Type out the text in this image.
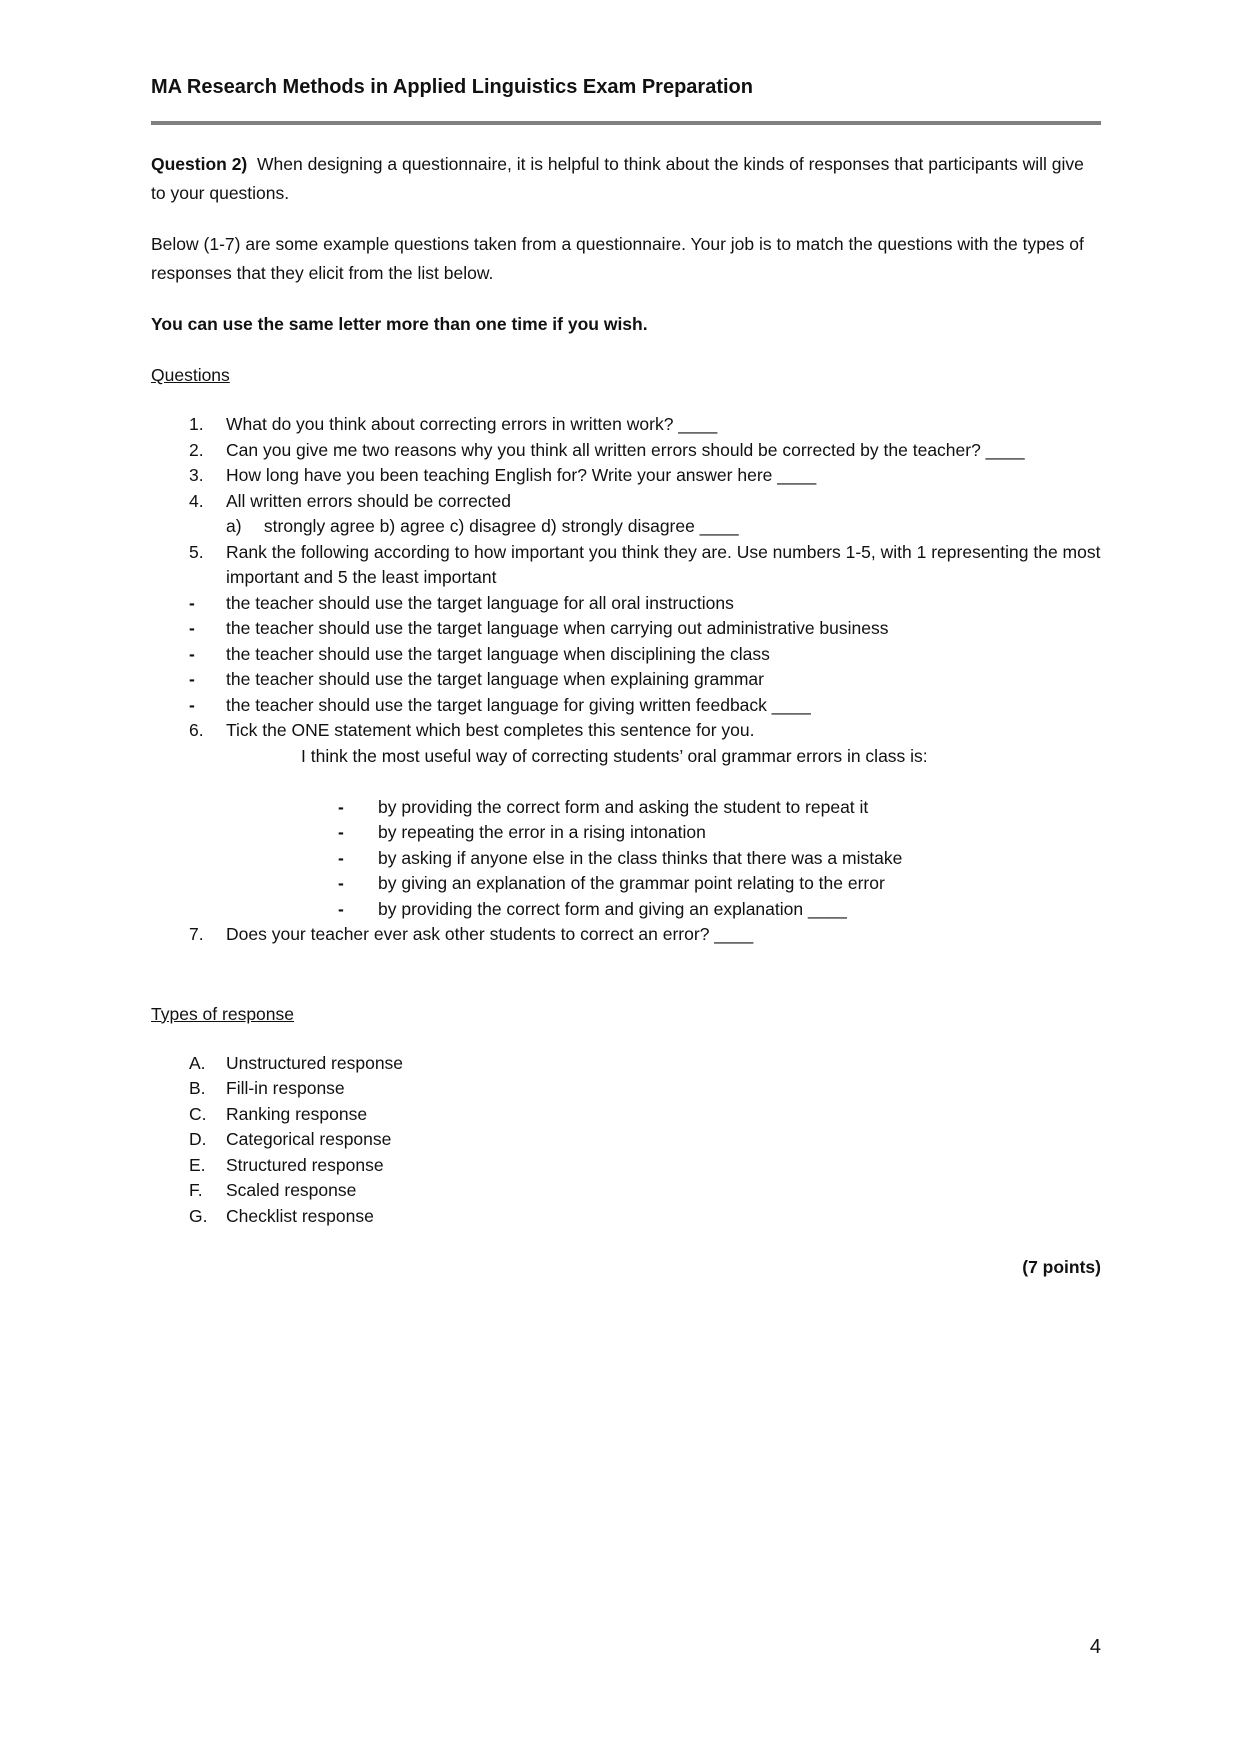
MA Research Methods in Applied Linguistics Exam Preparation

Question 2) When designing a questionnaire, it is helpful to think about the kinds of responses that participants will give to your questions.

Below (1-7) are some example questions taken from a questionnaire. Your job is to match the questions with the types of responses that they elicit from the list below.

You can use the same letter more than one time if you wish.

Questions

1. What do you think about correcting errors in written work? ____
2. Can you give me two reasons why you think all written errors should be corrected by the teacher? ____
3. How long have you been teaching English for? Write your answer here ____
4. All written errors should be corrected
a)  strongly agree b) agree c) disagree d) strongly disagree ____
5. Rank the following according to how important you think they are. Use numbers 1-5, with 1 representing the most important and 5 the least important
- the teacher should use the target language for all oral instructions
- the teacher should use the target language when carrying out administrative business
- the teacher should use the target language when disciplining the class
- the teacher should use the target language when explaining grammar
- the teacher should use the target language for giving written feedback ____
6. Tick the ONE statement which best completes this sentence for you.
I think the most useful way of correcting students’ oral grammar errors in class is:
- by providing the correct form and asking the student to repeat it
- by repeating the error in a rising intonation
- by asking if anyone else in the class thinks that there was a mistake
- by giving an explanation of the grammar point relating to the error
- by providing the correct form and giving an explanation ____
7. Does your teacher ever ask other students to correct an error? ____

Types of response

A. Unstructured response
B. Fill-in response
C. Ranking response
D. Categorical response
E. Structured response
F. Scaled response
G. Checklist response

(7 points)

4
